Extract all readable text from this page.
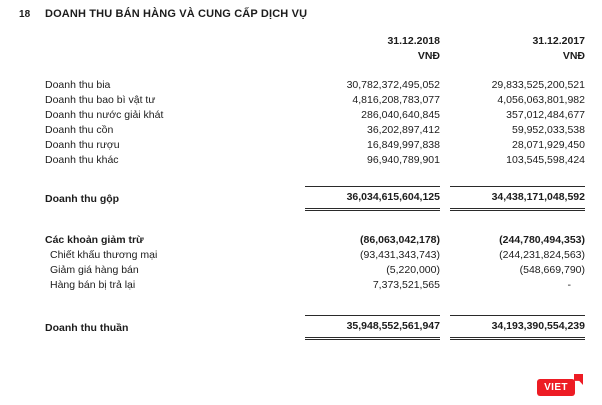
18	DOANH THU BÁN HÀNG VÀ CUNG CẤP DỊCH VỤ
		31.12.2018		31.12.2017	
		VNĐ		VNĐ	

Doanh thu bia		30,782,372,495,052		29,833,525,200,521	
Doanh thu bao bì vật tư		4,816,208,783,077		4,056,063,801,982	
Doanh thu nước giải khát		286,040,640,845		357,012,484,677	
Doanh thu cồn		36,202,897,412		59,952,033,538	
Doanh thu rượu		16,849,997,838		28,071,929,450	
Doanh thu khác		96,940,789,901		103,545,598,424	

Doanh thu gộp		36,034,615,604,125		34,438,171,048,592	

Các khoản giảm trừ		(86,063,042,178)		(244,780,494,353)	
Chiết khấu thương mại		(93,431,343,743)		(244,231,824,563)	
Giảm giá hàng bán		(5,220,000)		(548,669,790)	
Hàng bán bị trả lại		7,373,521,565		-	

Doanh thu thuần		35,948,552,561,947		34,193,390,554,239	
VIET
